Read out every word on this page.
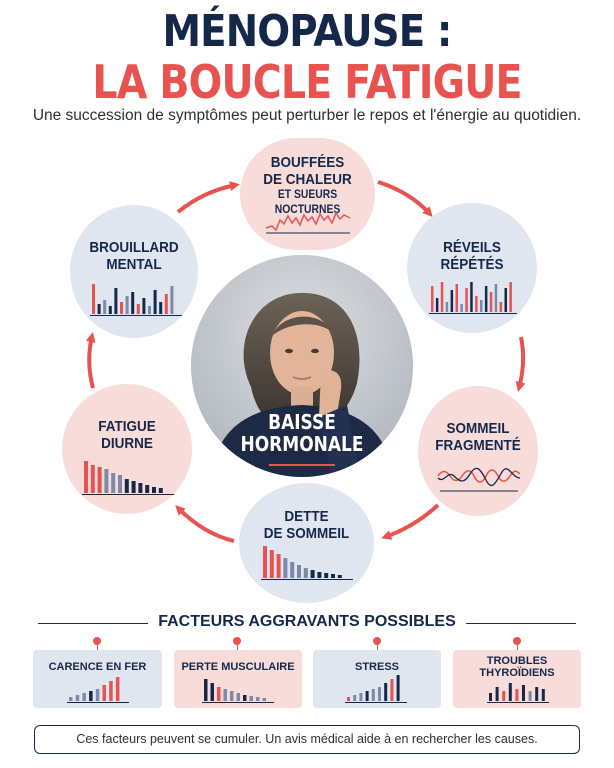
MÉNOPAUSE :
LA BOUCLE FATIGUE
Une succession de symptômes peut perturber le repos et l'énergie au quotidien.
BOUFFÉES
DE CHALEUR
ET SUEURS NOCTURNES
RÉVEILS
RÉPÉTÉS
SOMMEIL
FRAGMENTÉ
DETTE
DE SOMMEIL
FATIGUE
DIURNE
BROUILLARD
MENTAL
BAISSE
HORMONALE
FACTEURS AGGRAVANTS POSSIBLES
CARENCE EN FER	PERTE MUSCULAIRE	STRESS	TROUBLES
THYROÏDIENS
Ces facteurs peuvent se cumuler. Un avis médical aide à en rechercher les causes.
